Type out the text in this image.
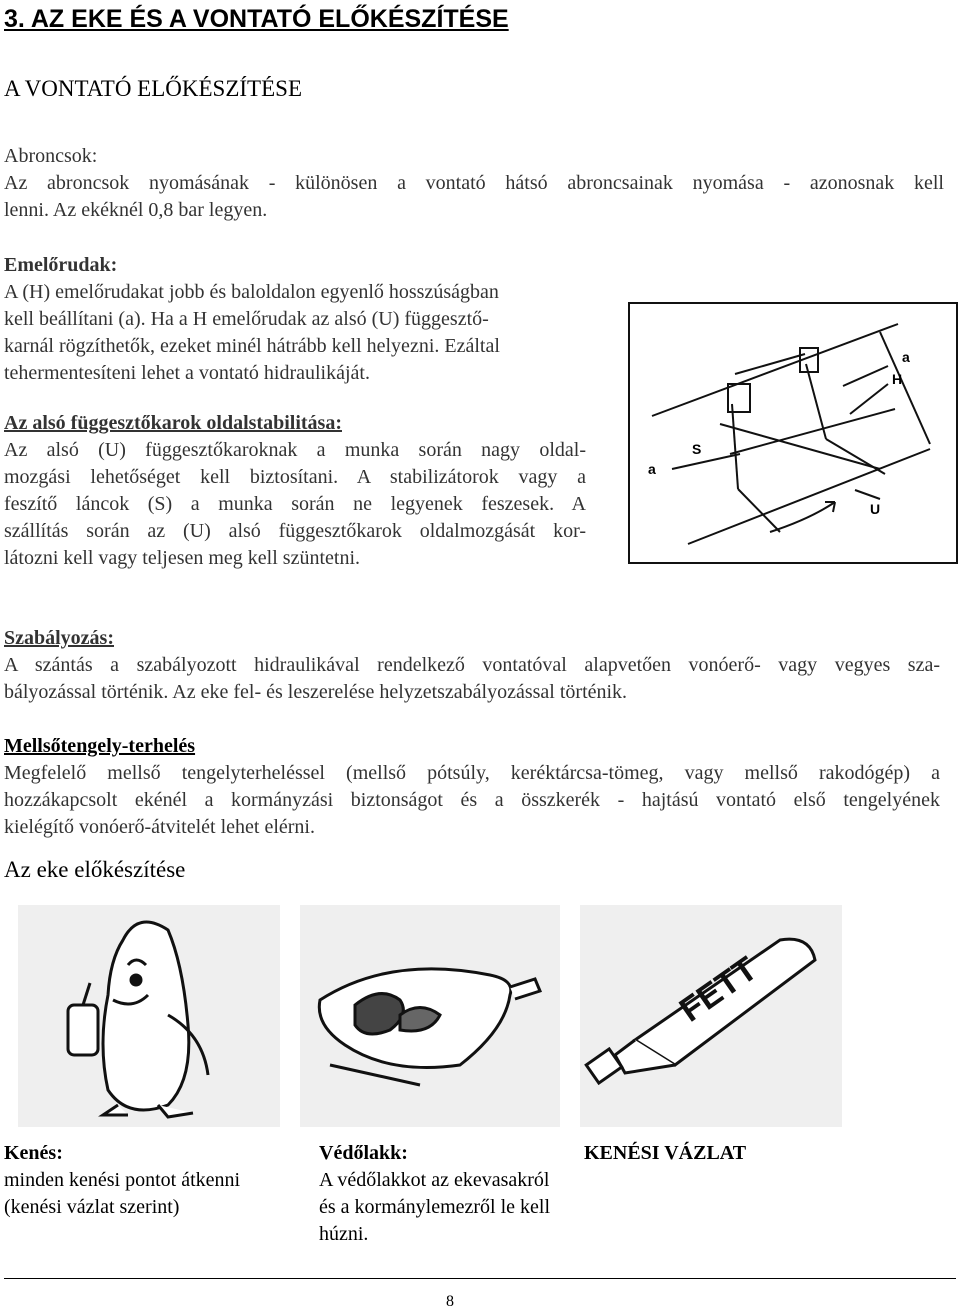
3. AZ EKE ÉS A VONTATÓ ELŐKÉSZÍTÉSE
A VONTATÓ ELŐKÉSZÍTÉSE

Abroncsok:

Az abroncsok nyomásának - különösen a vontató hátsó abroncsainak nyomása - azonosnak kell

lenni. Az ekéknél 0,8 bar legyen.

Emelőrudak:

A (H) emelőrudakat jobb és baloldalon egyenlő hosszúságban

kell beállítani (a). Ha a H emelőrudak az alsó (U) függesztő-

karnál rögzíthetők, ezeket minél hátrább kell helyezni. Ezáltal

tehermentesíteni lehet a vontató hidraulikáját.

Az alsó függesztőkarok oldalstabilitása:

Az alsó (U) függesztőkaroknak a munka során nagy oldal-

mozgási lehetőséget kell biztosítani. A stabilizátorok vagy a

feszítő láncok (S) a munka során ne legyenek feszesek. A

szállítás során az (U) alsó függesztőkarok oldalmozgását kor-

látozni kell vagy teljesen meg kell szüntetni.

a
H
a
S
U

Szabályozás:

A szántás a szabályozott hidraulikával rendelkező vontatóval alapvetően vonóerő- vagy vegyes sza-

bályozással történik. Az eke fel- és leszerelése helyzetszabályozással történik.

Mellsőtengely-terhelés

Megfelelő mellső tengelyterheléssel (mellső pótsúly, keréktárcsa-tömeg, vagy mellső rakodógép) a

hozzákapcsolt ekénél a kormányzási biztonságot és a összkerék - hajtású vontató első tengelyének

kielégítő vonóerő-átvitelét lehet elérni.

Az eke előkészítése
FETT

Kenés:

minden kenési pontot átkenni

(kenési vázlat szerint)

Védőlakk:

A védőlakkot az ekevasakról

és a kormánylemezről le kell

húzni.

KENÉSI VÁZLAT
8
